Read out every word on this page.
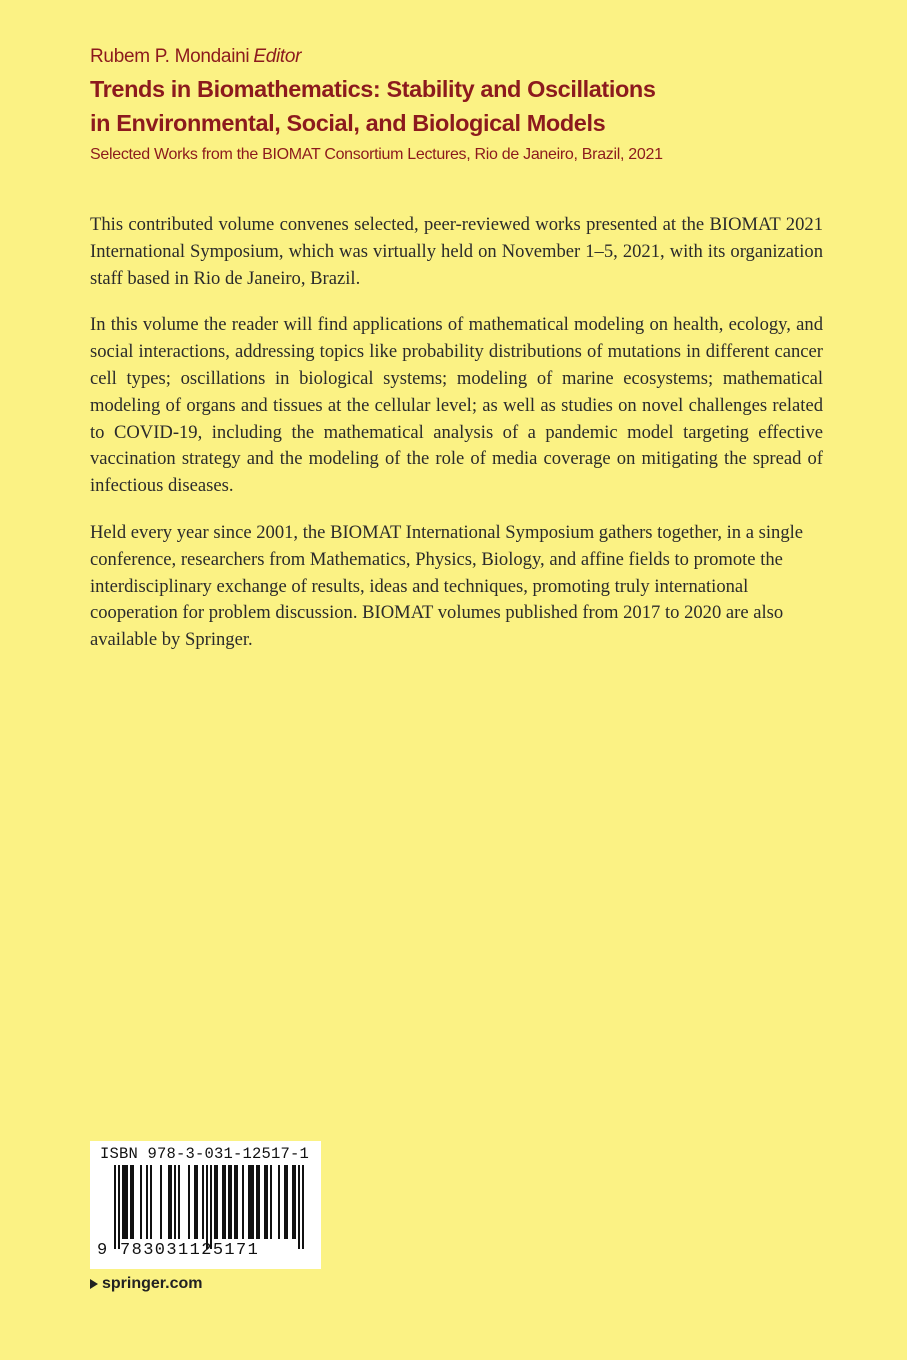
Rubem P. Mondaini Editor
Trends in Biomathematics: Stability and Oscillations
in Environmental, Social, and Biological Models
Selected Works from the BIOMAT Consortium Lectures, Rio de Janeiro, Brazil, 2021

This contributed volume convenes selected, peer-reviewed works presented at the BIOMAT 2021 International Symposium, which was virtually held on November 1–5, 2021, with its organization staff based in Rio de Janeiro, Brazil.

In this volume the reader will find applications of mathematical modeling on health, ecology, and social interactions, addressing topics like probability distributions of mutations in different cancer cell types; oscillations in biological systems; modeling of marine ecosystems; mathematical modeling of organs and tissues at the cellular level; as well as studies on novel challenges related to COVID-19, including the mathematical analysis of a pandemic model targeting effective vaccination strategy and the modeling of the role of media coverage on mitigating the spread of infectious diseases.

Held every year since 2001, the BIOMAT International Symposium gathers together, in a single conference, researchers from Mathematics, Physics, Biology, and affine fields to promote the interdisciplinary exchange of results, ideas and techniques, promoting truly international cooperation for problem discussion. BIOMAT volumes published from 2017 to 2020 are also available by Springer.

ISBN 978-3-031-12517-1
9 783031125171
springer.com
